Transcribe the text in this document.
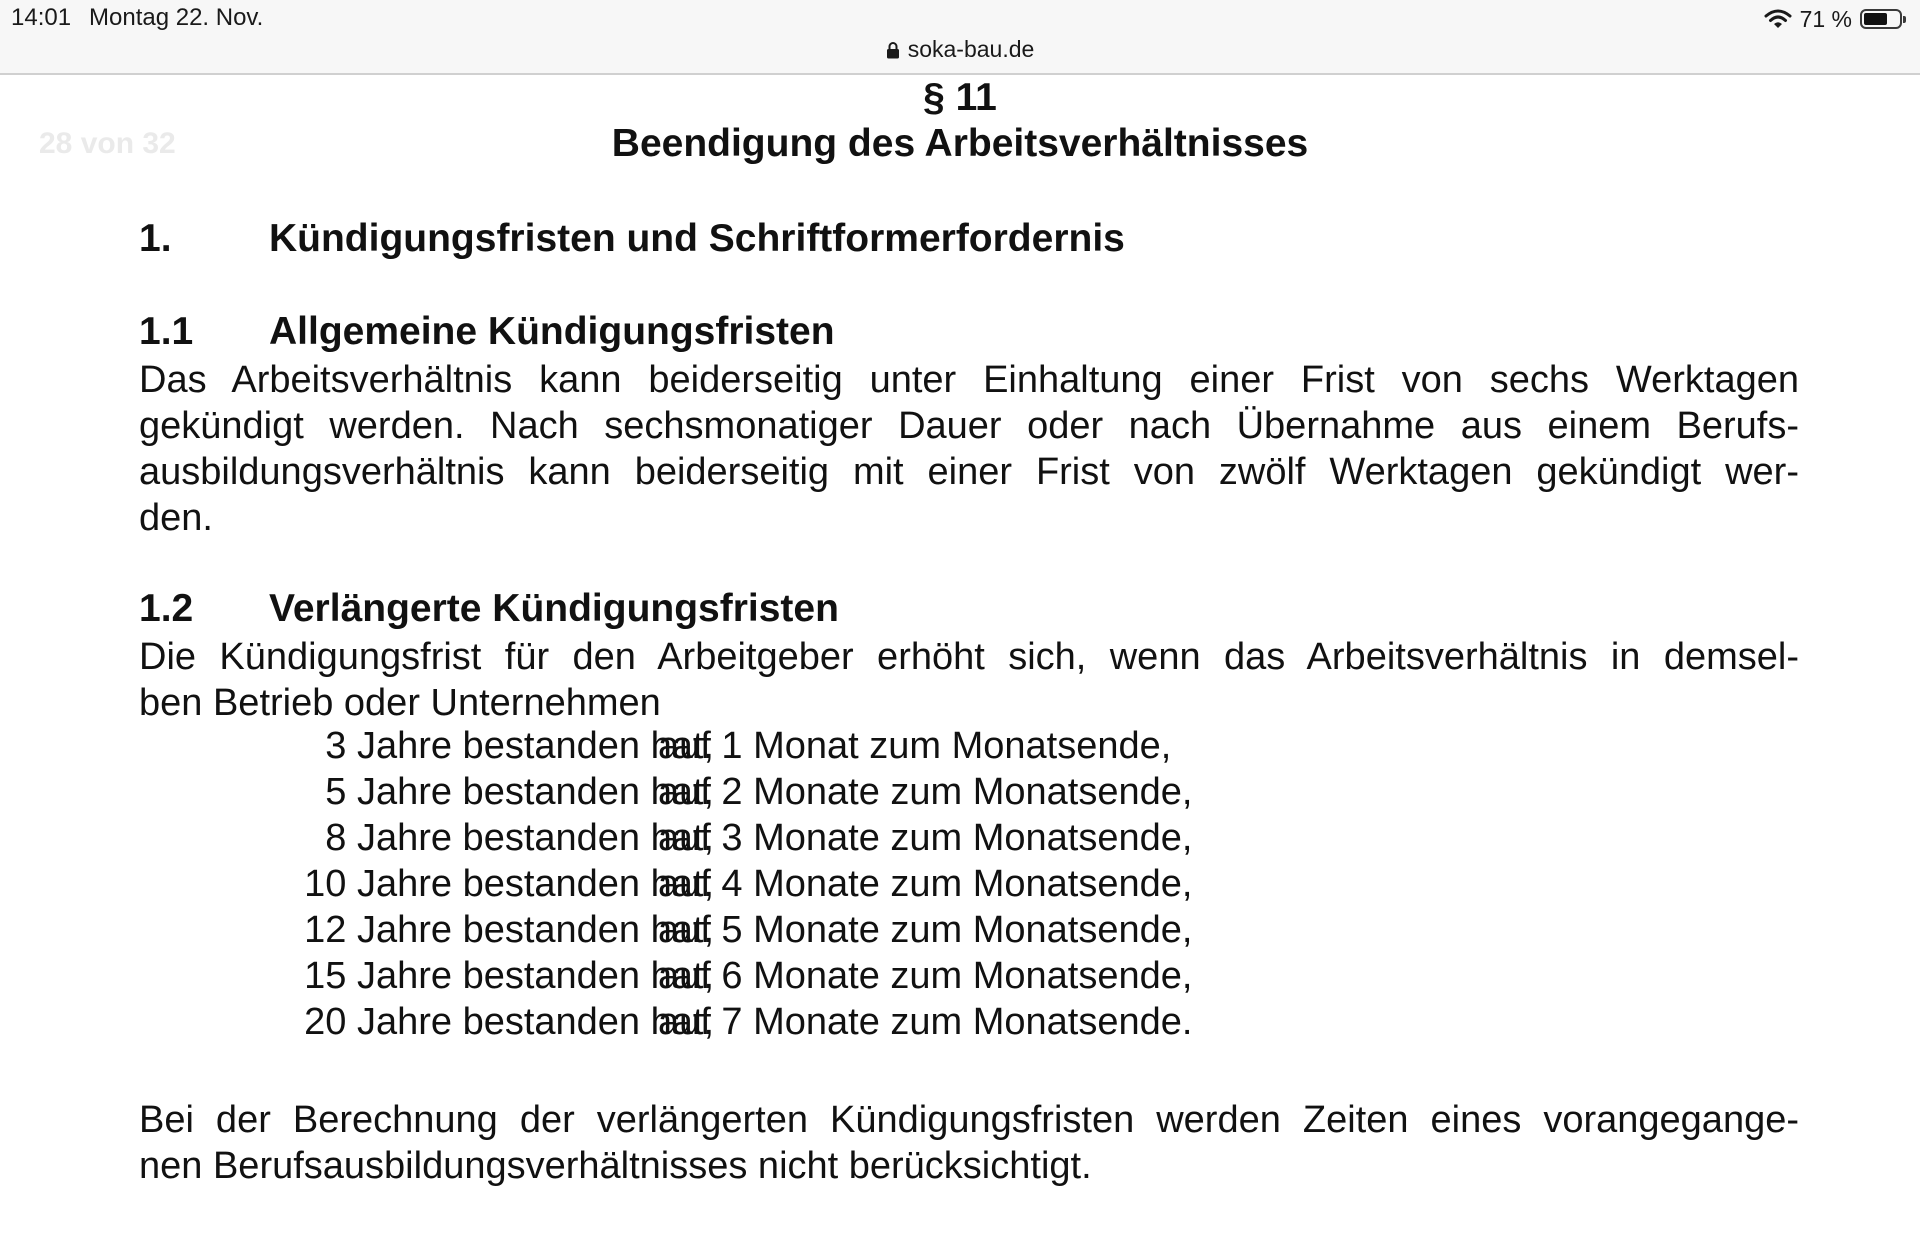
14:01 Montag 22. Nov.	71 %
soka-bau.de
28 von 32
§ 11
Beendigung des Arbeitsverhältnisses
1. Kündigungsfristen und Schriftformerfordernis
1.1 Allgemeine Kündigungsfristen
Das Arbeitsverhältnis kann beiderseitig unter Einhaltung einer Frist von sechs Werktagen
gekündigt werden. Nach sechsmonatiger Dauer oder nach Übernahme aus einem Berufs-
ausbildungsverhältnis kann beiderseitig mit einer Frist von zwölf Werktagen gekündigt wer-
den.
1.2 Verlängerte Kündigungsfristen
Die Kündigungsfrist für den Arbeitgeber erhöht sich, wenn das Arbeitsverhältnis in demsel-
ben Betrieb oder Unternehmen
3 Jahre bestanden hat,
auf 1 Monat zum Monatsende,
5 Jahre bestanden hat,
auf 2 Monate zum Monatsende,
8 Jahre bestanden hat,
auf 3 Monate zum Monatsende,
10 Jahre bestanden hat,
auf 4 Monate zum Monatsende,
12 Jahre bestanden hat,
auf 5 Monate zum Monatsende,
15 Jahre bestanden hat,
auf 6 Monate zum Monatsende,
20 Jahre bestanden hat,
auf 7 Monate zum Monatsende.
Bei der Berechnung der verlängerten Kündigungsfristen werden Zeiten eines vorangegange-
nen Berufsausbildungsverhältnisses nicht berücksichtigt.
